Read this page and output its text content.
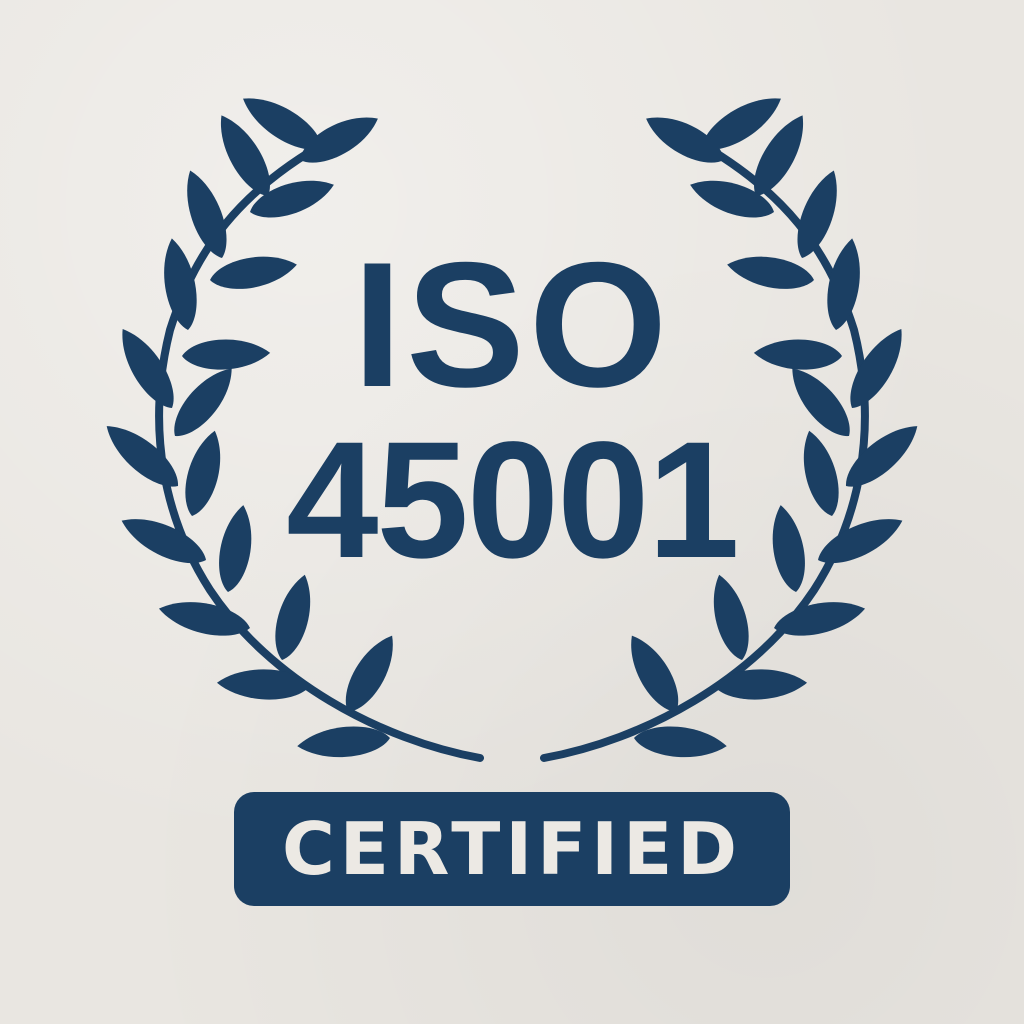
ISO
45001
CERTIFIED
